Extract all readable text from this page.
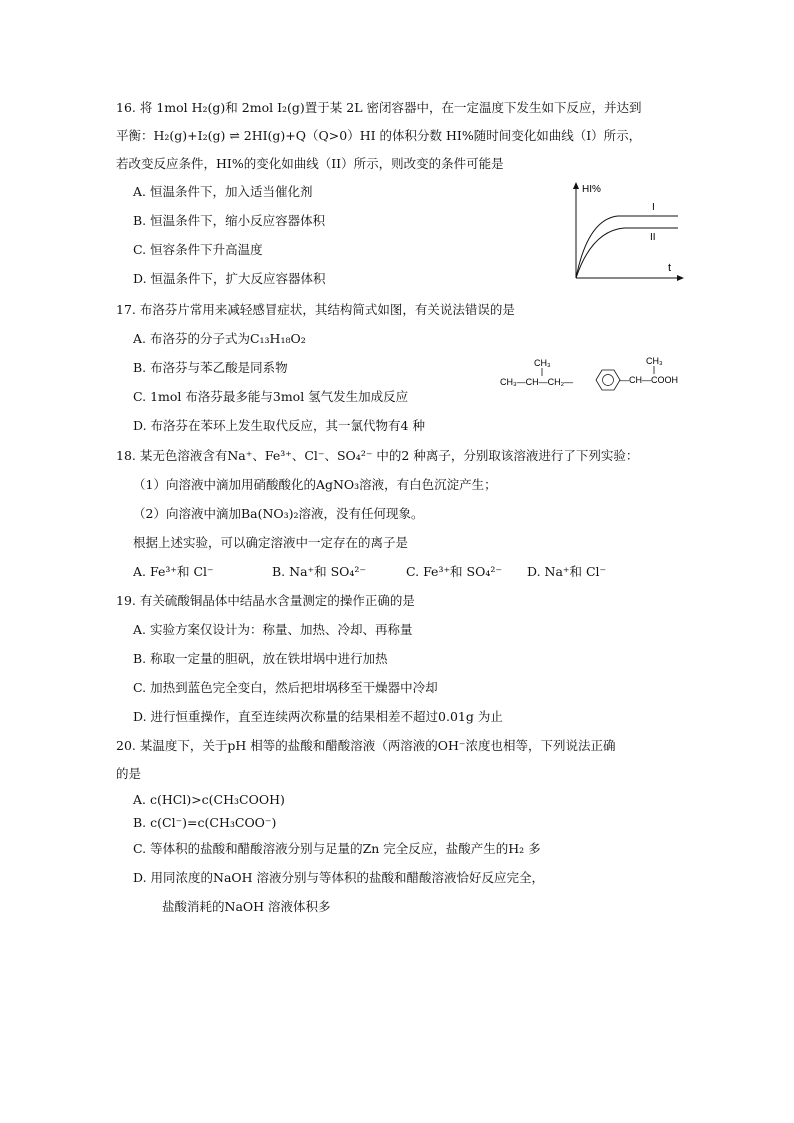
16. 将 1mol H₂(g)和 2mol I₂(g)置于某 2L 密闭容器中，在一定温度下发生如下反应，并达到
平衡：H₂(g)+I₂(g) ⇌ 2HI(g)+Q（Q>0）HI 的体积分数 HI%随时间变化如曲线（I）所示，
若改变反应条件，HI%的变化如曲线（II）所示，则改变的条件可能是
A. 恒温条件下，加入适当催化剂
B. 恒温条件下，缩小反应容器体积
C. 恒容条件下升高温度
D. 恒温条件下，扩大反应容器体积
HI%
t
I
II
17. 布洛芬片常用来减轻感冒症状，其结构简式如图，有关说法错误的是
A. 布洛芬的分子式为C₁₃H₁₈O₂
B. 布洛芬与苯乙酸是同系物
C. 1mol 布洛芬最多能与3mol 氢气发生加成反应
D. 布洛芬在苯环上发生取代反应，其一氯代物有4 种
CH₃
CH₃—CH—CH₂—
CH₃
—CH—COOH
18. 某无色溶液含有Na⁺、Fe³⁺、Cl⁻、SO₄²⁻ 中的2 种离子，分别取该溶液进行了下列实验：
（1）向溶液中滴加用硝酸酸化的AgNO₃溶液，有白色沉淀产生；
（2）向溶液中滴加Ba(NO₃)₂溶液，没有任何现象。
根据上述实验，可以确定溶液中一定存在的离子是
A. Fe³⁺和 Cl⁻	B. Na⁺和 SO₄²⁻	C. Fe³⁺和 SO₄²⁻ D. Na⁺和 Cl⁻
19. 有关硫酸铜晶体中结晶水含量测定的操作正确的是
A. 实验方案仅设计为：称量、加热、冷却、再称量
B. 称取一定量的胆矾，放在铁坩埚中进行加热
C. 加热到蓝色完全变白，然后把坩埚移至干燥器中冷却
D. 进行恒重操作，直至连续两次称量的结果相差不超过0.01g 为止
20. 某温度下，关于pH 相等的盐酸和醋酸溶液（两溶液的OH⁻浓度也相等，下列说法正确
的是
A. c(HCl)>c(CH₃COOH)
B. c(Cl⁻)=c(CH₃COO⁻)
C. 等体积的盐酸和醋酸溶液分别与足量的Zn 完全反应，盐酸产生的H₂ 多
D. 用同浓度的NaOH 溶液分别与等体积的盐酸和醋酸溶液恰好反应完全，
盐酸消耗的NaOH 溶液体积多
